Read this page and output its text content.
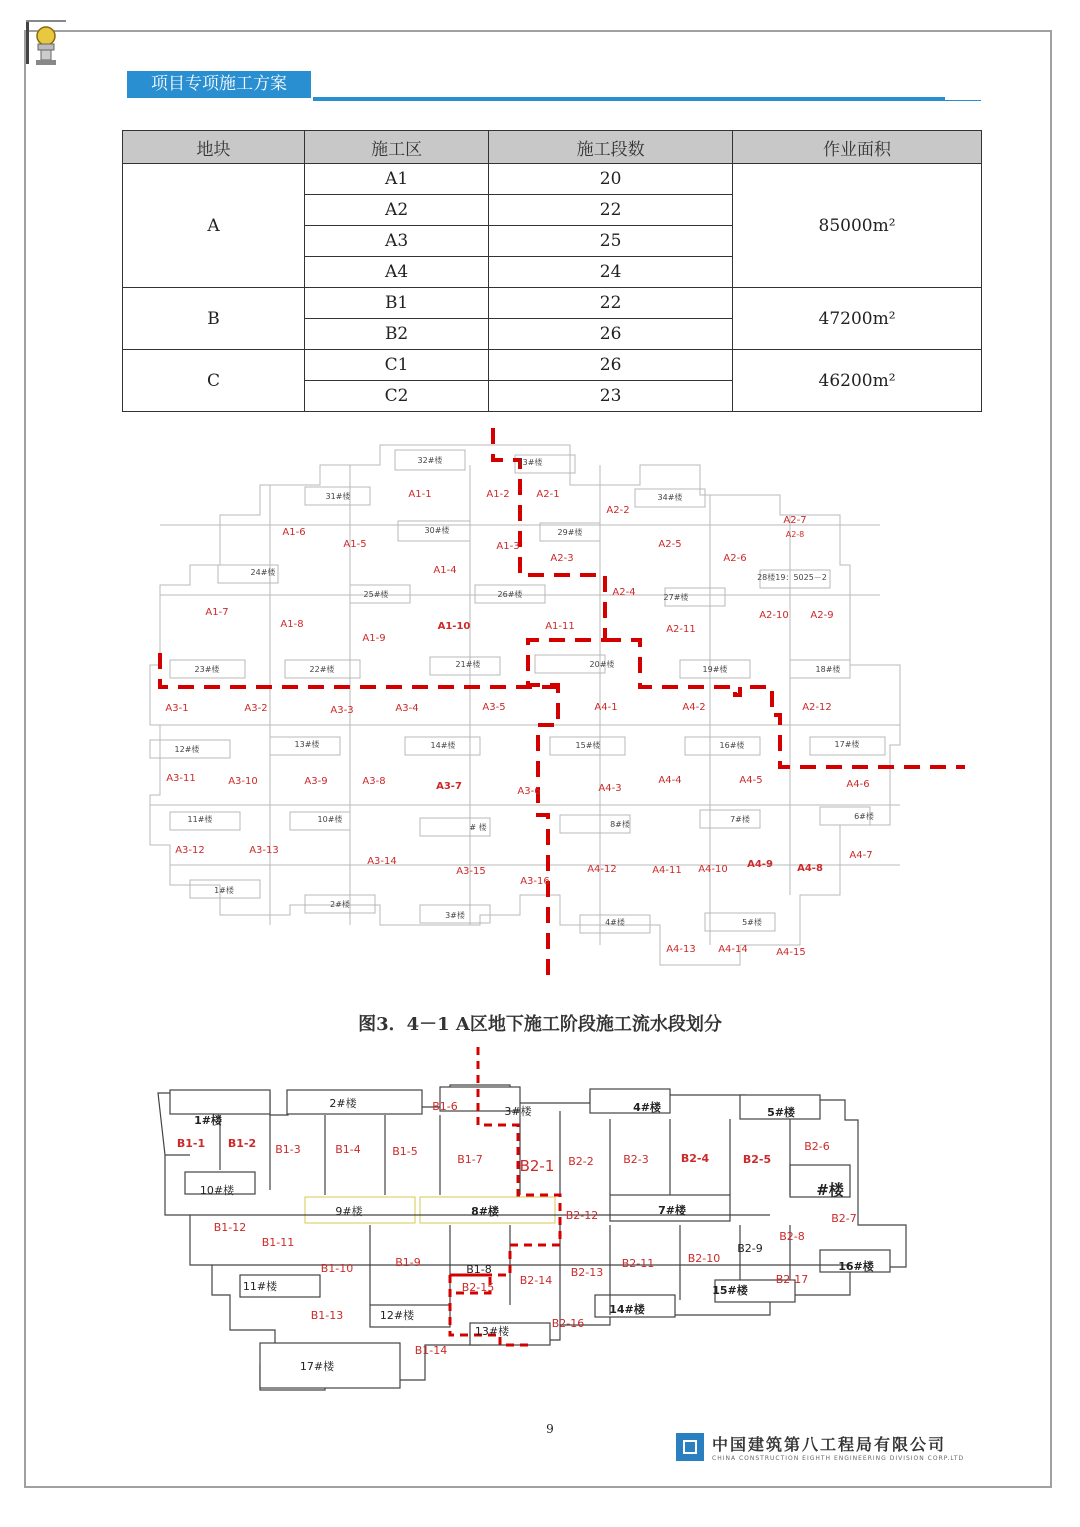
项目专项施工方案
地块	施工区	施工段数	作业面积
A	A1	20	85000m²
	A2	22	
	A3	25	
	A4	24	
B	B1	22	47200m²
	B2	26	
C	C1	26	46200m²
	C2	23	
32#楼	33#楼
31#楼	34#楼
30#楼	29#楼
24#楼
25#楼	26#楼	27#楼
28楼19：5025－2
23#楼	22#楼
21#楼	20#楼
19#楼	18#楼
12#楼
13#楼	14#楼	15#楼	16#楼	17#楼
11#楼	10#楼
# 楼	8#楼
7#楼	6#楼
1#楼
2#楼
3#楼
4#楼	5#楼
A1-1	A1-2	A2-1
A2-2
A2-7
A1-6
A1-5	A1-3
A2-3
A2-5
A2-6
A1-4
A2-4
A1-7
A1-8
A1-9
A1-10	A1-11	A2-11
A2-10 A2-9
A3-1	A3-2	A3-3	A3-4	A3-5	A4-1	A4-2	A2-12
A3-11	A3-10	A3-9	A3-8	A3-7	A3-6	A4-3
A4-4	A4-5	A4-6
A3-12	A3-13
A3-14
A3-15
A3-16
A4-12	A4-11 A4-10 A4-9 A4-8
A4-7
A4-13 A4-14	A4-15
A2-8
图3．4－1 A区地下施工阶段施工流水段划分
1#楼
2#楼
3#楼	4#楼	5#楼
10#楼
9#楼	8#楼	7#楼
#楼
11#楼
12#楼
13#楼
14#楼
15#楼
16#楼
17#楼
B1-1 B1-2 B1-3	B1-4	B1-5
B1-6
B1-7 B2-1 B2-2	B2-3	B2-4	B2-5
B2-6
B2-7
B2-8
B2-9
B2-10
B2-11
B2-12
B2-13
B2-14
B2-15
B2-16
B2-17
B1-8
B1-9
B1-10
B1-11
B1-12
B1-13
B1-14
9
中国建筑第八工程局有限公司
CHINA CONSTRUCTION EIGHTH ENGINEERING DIVISION CORP.LTD
